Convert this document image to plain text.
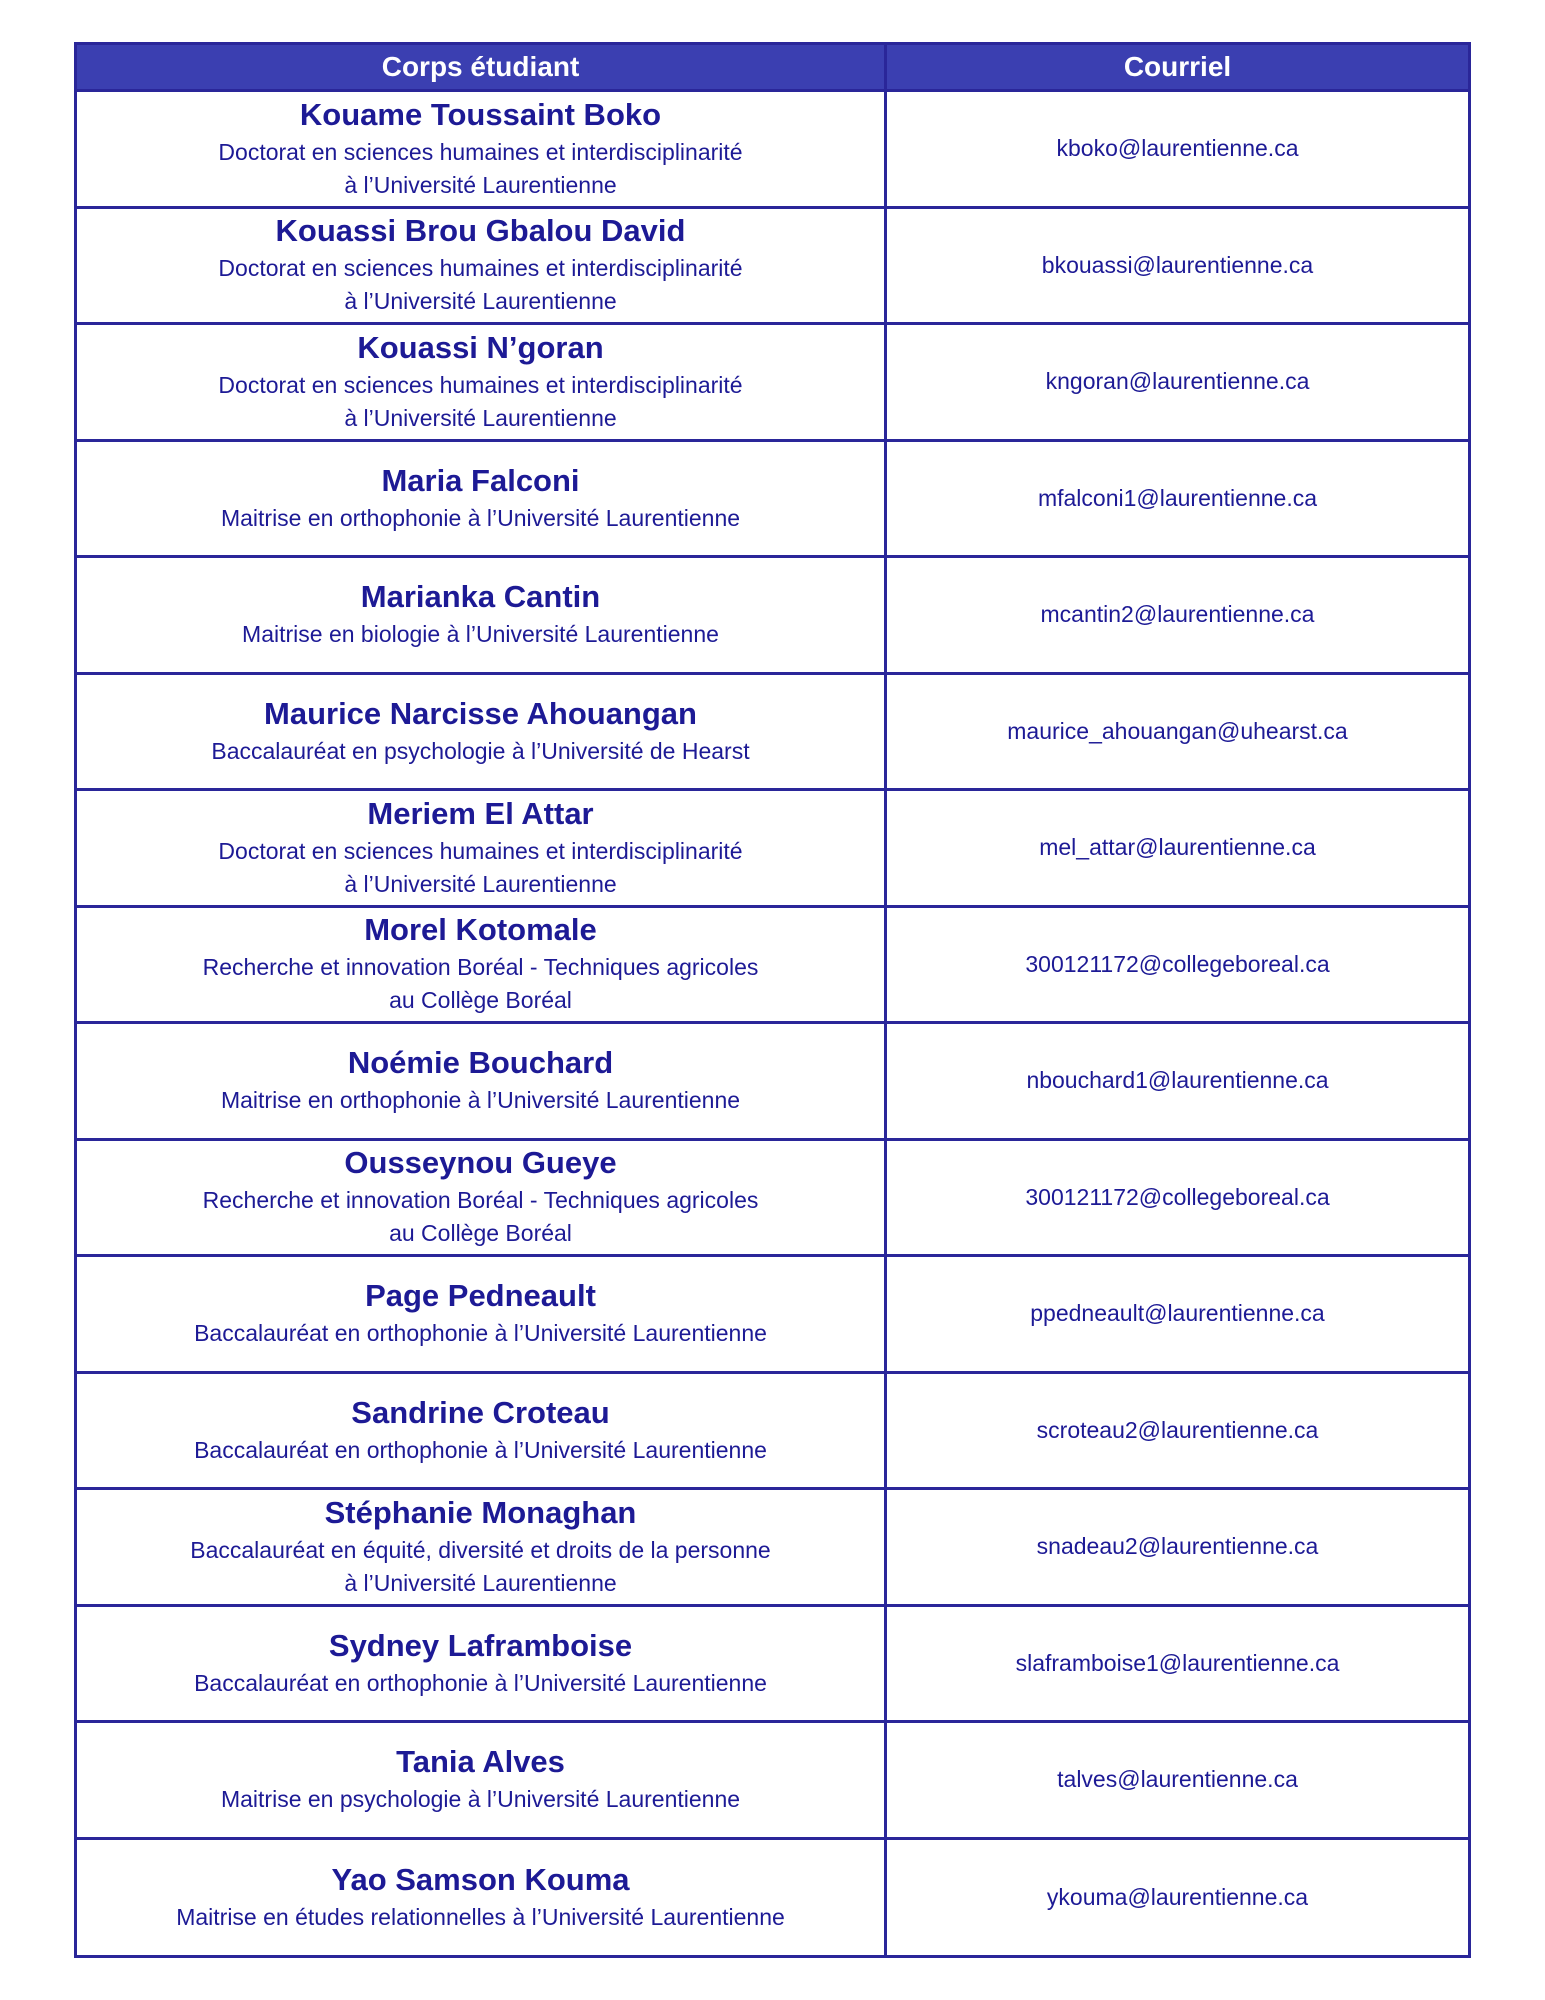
Corps étudiant	Courriel

Kouame Toussaint Boko
Doctorat en sciences humaines et interdisciplinarité
à l’Université Laurentienne	kboko@laurentienne.ca

Kouassi Brou Gbalou David
Doctorat en sciences humaines et interdisciplinarité
à l’Université Laurentienne	bkouassi@laurentienne.ca

Kouassi N’goran
Doctorat en sciences humaines et interdisciplinarité
à l’Université Laurentienne	kngoran@laurentienne.ca

Maria Falconi
Maitrise en orthophonie à l’Université Laurentienne	mfalconi1@laurentienne.ca

Marianka Cantin
Maitrise en biologie à l’Université Laurentienne	mcantin2@laurentienne.ca

Maurice Narcisse Ahouangan
Baccalauréat en psychologie à l’Université de Hearst	maurice_ahouangan@uhearst.ca

Meriem El Attar
Doctorat en sciences humaines et interdisciplinarité
à l’Université Laurentienne	mel_attar@laurentienne.ca

Morel Kotomale
Recherche et innovation Boréal - Techniques agricoles
au Collège Boréal	300121172@collegeboreal.ca

Noémie Bouchard
Maitrise en orthophonie à l’Université Laurentienne	nbouchard1@laurentienne.ca

Ousseynou Gueye
Recherche et innovation Boréal - Techniques agricoles
au Collège Boréal	300121172@collegeboreal.ca

Page Pedneault
Baccalauréat en orthophonie à l’Université Laurentienne	ppedneault@laurentienne.ca

Sandrine Croteau
Baccalauréat en orthophonie à l’Université Laurentienne	scroteau2@laurentienne.ca

Stéphanie Monaghan
Baccalauréat en équité, diversité et droits de la personne
à l’Université Laurentienne	snadeau2@laurentienne.ca

Sydney Laframboise
Baccalauréat en orthophonie à l’Université Laurentienne	slaframboise1@laurentienne.ca

Tania Alves
Maitrise en psychologie à l’Université Laurentienne	talves@laurentienne.ca

Yao Samson Kouma
Maitrise en études relationnelles à l’Université Laurentienne	ykouma@laurentienne.ca
